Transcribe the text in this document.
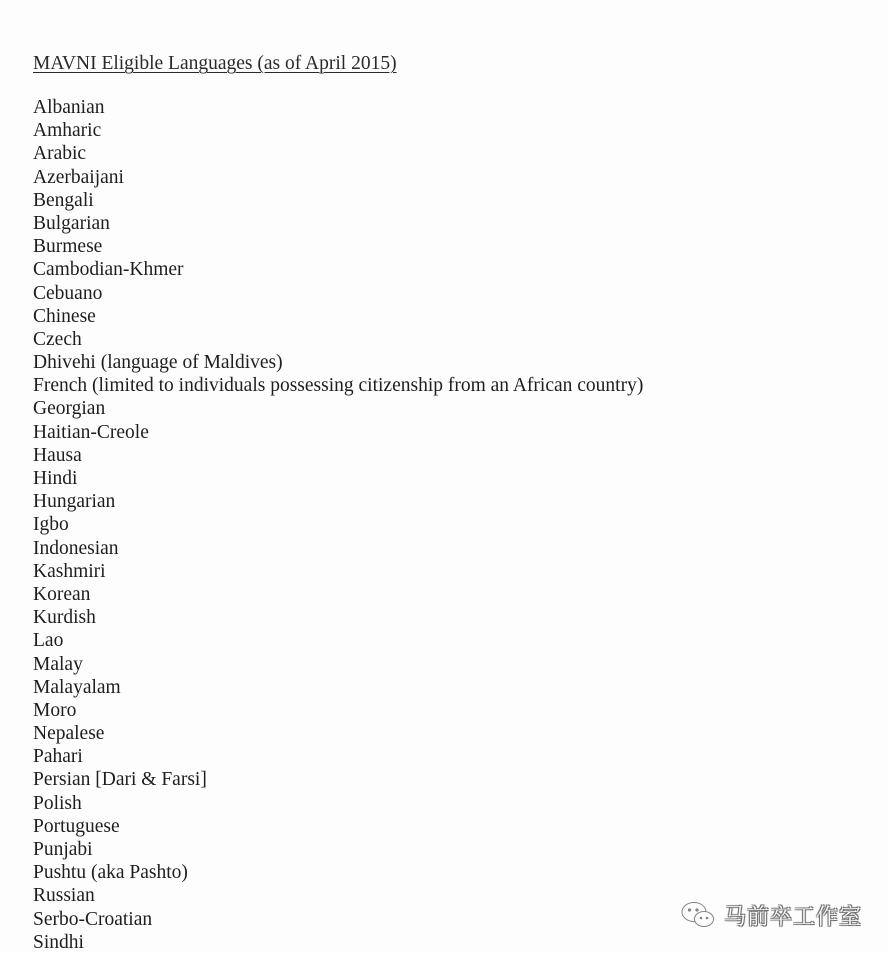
MAVNI Eligible Languages (as of April 2015)
Albanian
Amharic
Arabic
Azerbaijani
Bengali
Bulgarian
Burmese
Cambodian-Khmer
Cebuano
Chinese
Czech
Dhivehi (language of Maldives)
French (limited to individuals possessing citizenship from an African country)
Georgian
Haitian-Creole
Hausa
Hindi
Hungarian
Igbo
Indonesian
Kashmiri
Korean
Kurdish
Lao
Malay
Malayalam
Moro
Nepalese
Pahari
Persian [Dari & Farsi]
Polish
Portuguese
Punjabi
Pushtu (aka Pashto)
Russian
Serbo-Croatian
Sindhi
马前卒工作室
